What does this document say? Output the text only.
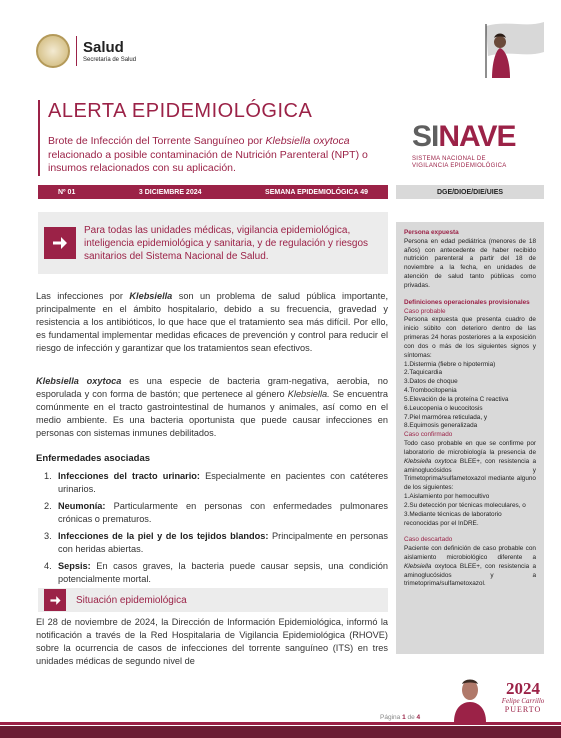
Salud
Secretaría de Salud
ALERTA EPIDEMIOLÓGICA
Brote de Infección del Torrente Sanguíneo por Klebsiella oxytoca relacionado a posible contaminación de Nutrición Parenteral (NPT) o insumos relacionados con su aplicación.
SINAVE
SISTEMA NACIONAL DE
VIGILANCIA EPIDEMIOLÓGICA
Nº 01	3 DICIEMBRE 2024	SEMANA EPIDEMIOLÓGICA 49	DGE/DIOE/DIE/UIES
Para todas las unidades médicas, vigilancia epidemiológica, inteligencia epidemiológica y sanitaria, y de regulación y riesgos sanitarios del Sistema Nacional de Salud.

Las infecciones por Klebsiella son un problema de salud pública importante, principalmente en el ámbito hospitalario, debido a su frecuencia, gravedad y resistencia a los antibióticos, lo que hace que el tratamiento sea más difícil. Por ello, es fundamental implementar medidas eficaces de prevención y control para reducir el riesgo de infección y garantizar que los tratamientos sean efectivos.

Klebsiella oxytoca es una especie de bacteria gram-negativa, aerobia, no esporulada y con forma de bastón; que pertenece al género Klebsiella. Se encuentra comúnmente en el tracto gastrointestinal de humanos y animales, así como en el medio ambiente. Es una bacteria oportunista que puede causar infecciones en personas con sistemas inmunes debilitados.

Enfermedades asociadas
1. Infecciones del tracto urinario: Especialmente en pacientes con catéteres urinarios.
2. Neumonía: Particularmente en personas con enfermedades pulmonares crónicas o prematuros.
3. Infecciones de la piel y de los tejidos blandos: Principalmente en personas con heridas abiertas.
4. Sepsis: En casos graves, la bacteria puede causar sepsis, una condición potencialmente mortal.
Situación epidemiológica

El 28 de noviembre de 2024, la Dirección de Información Epidemiológica, informó la notificación a través de la Red Hospitalaria de Vigilancia Epidemiológica (RHOVE) sobre la ocurrencia de casos de infecciones del torrente sanguíneo (ITS) en tres unidades médicas de segundo nivel de

Persona expuesta
Persona en edad pediátrica (menores de 18 años) con antecedente de haber recibido nutrición parenteral a partir del 18 de noviembre a la fecha, en unidades de atención de salud tanto públicas como privadas.
Definiciones operacionales provisionales
Caso probable
Persona expuesta que presenta cuadro de inicio súbito con deterioro dentro de las primeras 24 horas posteriores a la exposición con dos o más de los siguientes signos y síntomas:
1.Distermia (fiebre o hipotermia)
2.Taquicardia
3.Datos de choque
4.Trombocitopenia
5.Elevación de la proteína C reactiva
6.Leucopenia o leucocitosis
7.Piel marmórea reticulada, y
8.Equimosis generalizada
Caso confirmado
Todo caso probable en que se confirme por laboratorio de microbiología la presencia de Klebsiella oxytoca BLEE+, con resistencia a aminoglucósidos y Trimetoprima/sulfametoxazol mediante alguno de los siguientes:
1.Aislamiento por hemocultivo
2.Su detección por técnicas moleculares, o
3.Mediante técnicas de laboratorio reconocidas por el InDRE.
Caso descartado
Paciente con definición de caso probable con aislamiento microbiológico diferente a Klebsiella oxytoca BLEE+, con resistencia a aminoglucósidos y a trimetoprima/sulfametoxazol.
Página 1 de 4
2024
Felipe Carrillo
PUERTO
